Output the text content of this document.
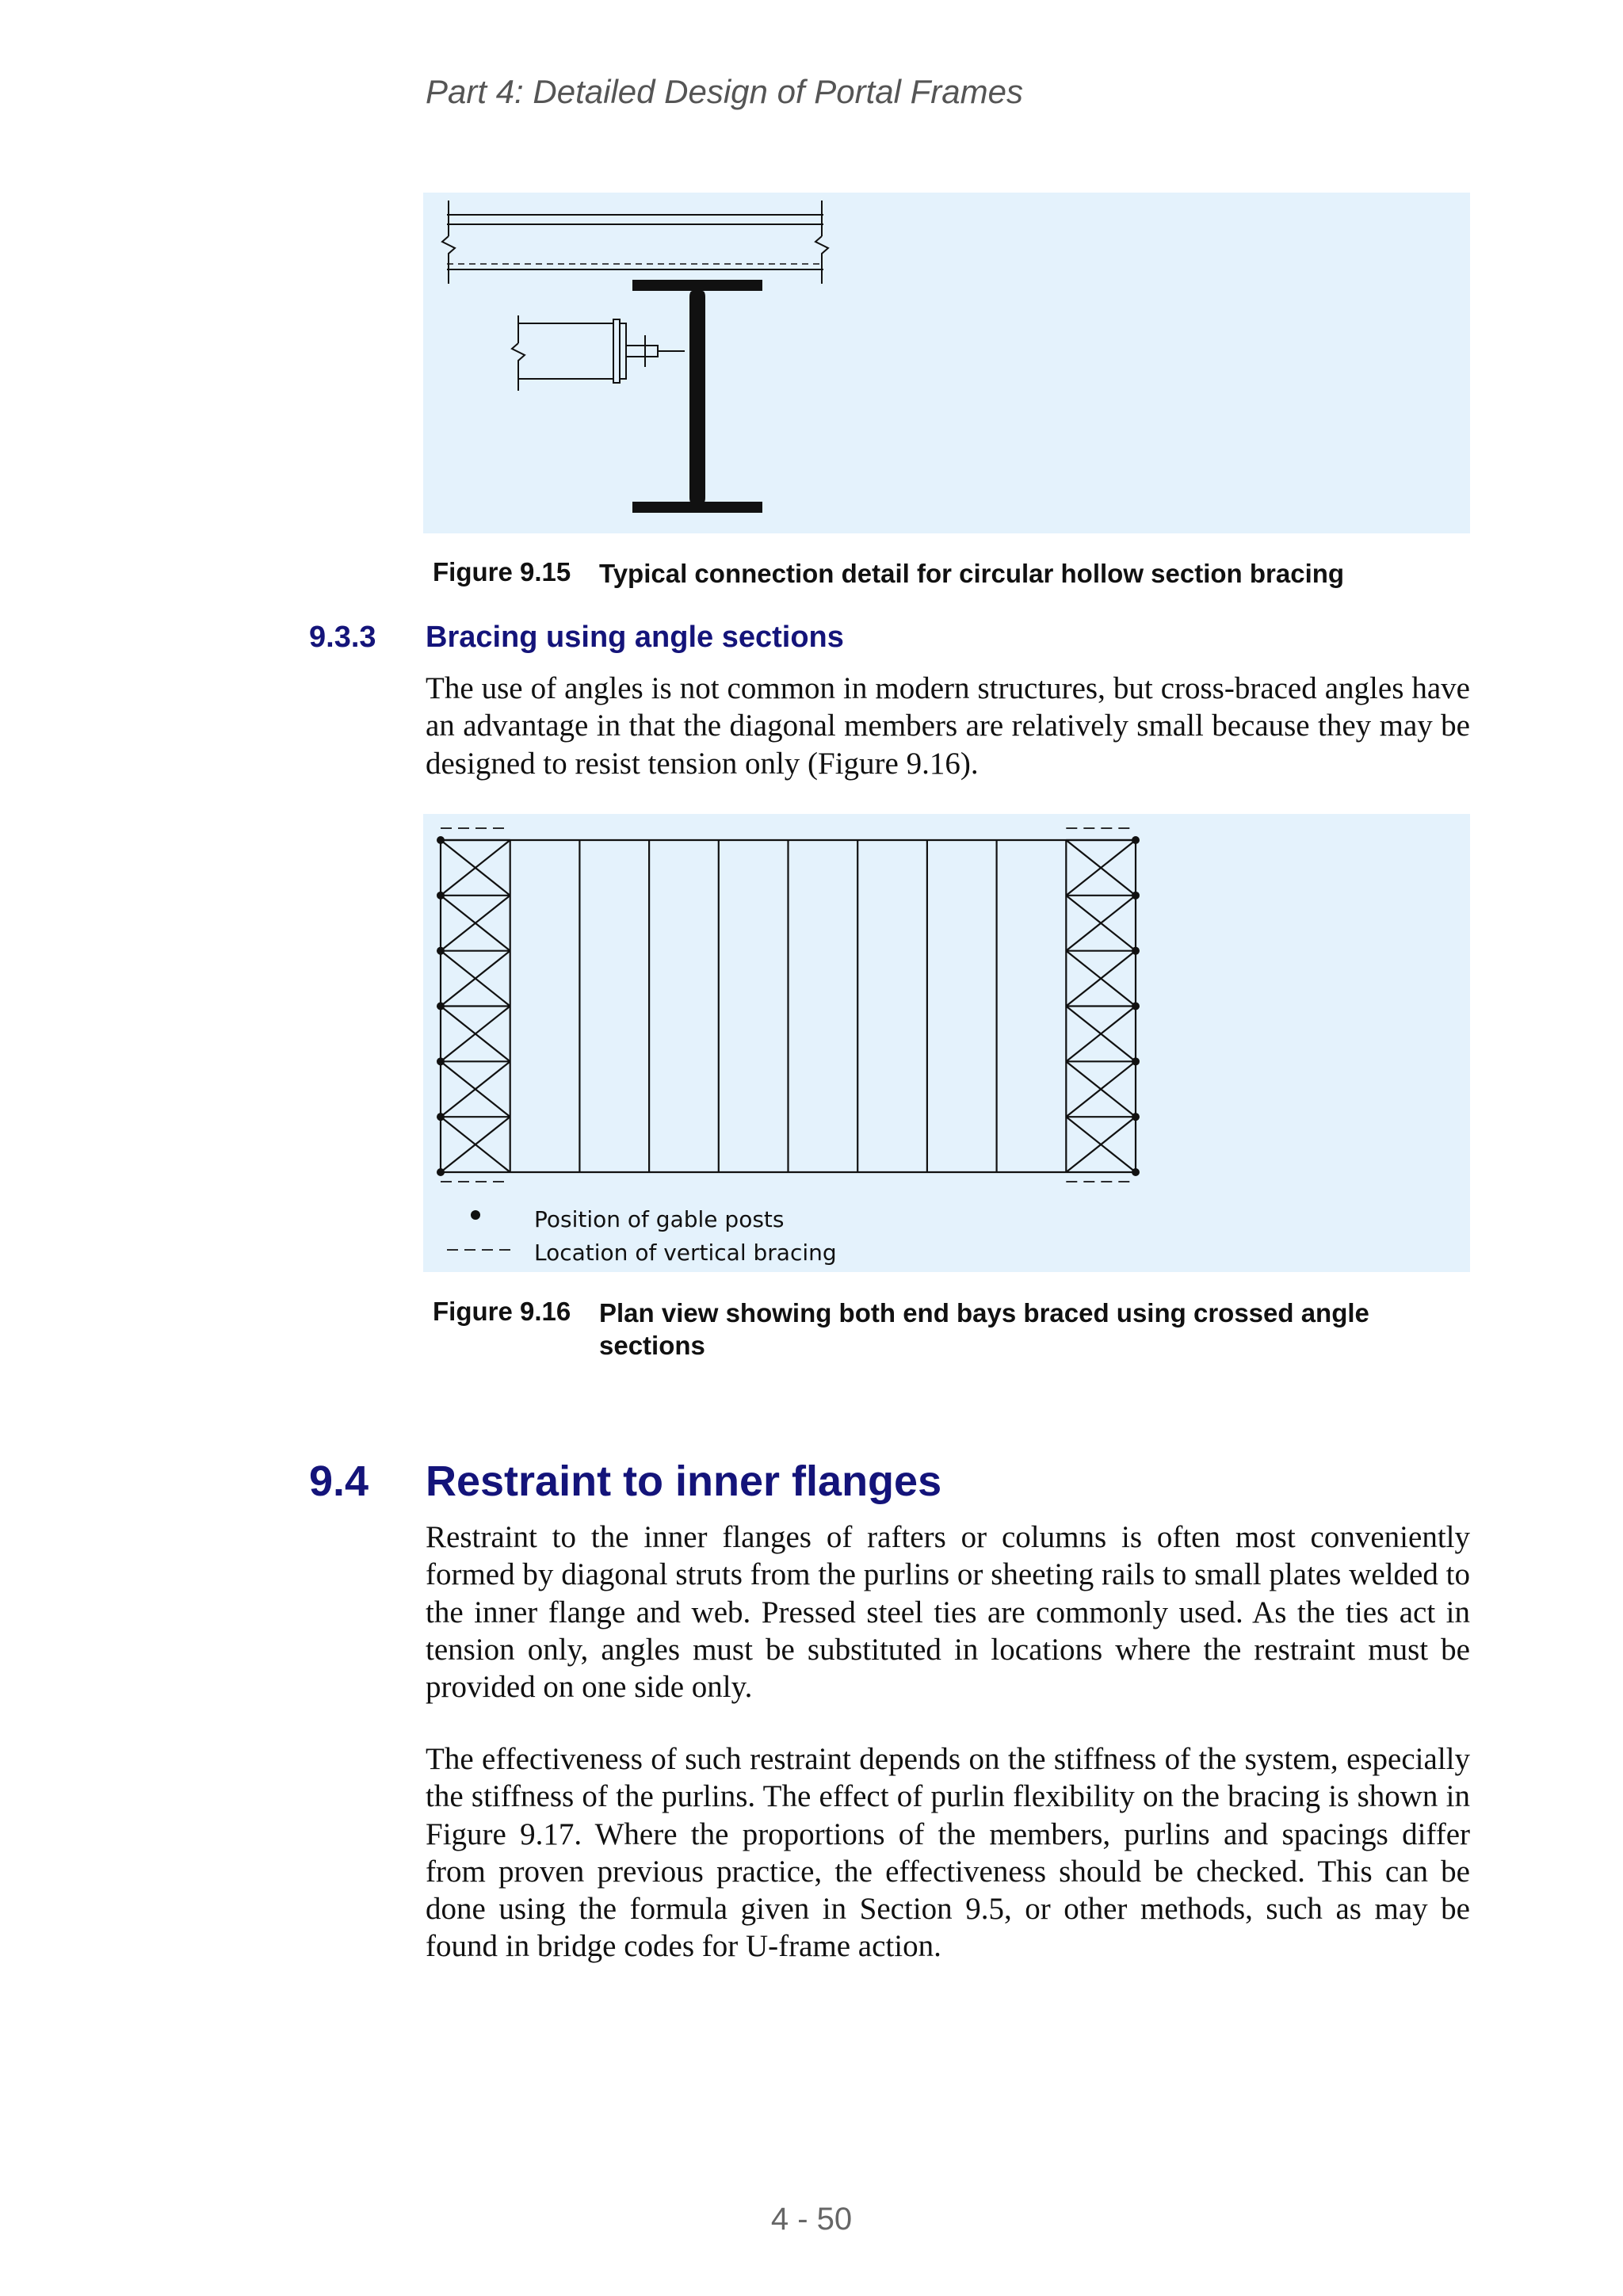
Part 4: Detailed Design of Portal Frames
Figure 9.15 Typical connection detail for circular hollow section bracing
9.3.3 Bracing using angle sections

The use of angles is not common in modern structures, but cross-braced angles have an advantage in that the diagonal members are relatively small because they may be designed to resist tension only (Figure 9.16).

Position of gable posts
Location of vertical bracing
Figure 9.16 Plan view showing both end bays braced using crossed angle sections
9.4 Restraint to inner flanges

Restraint to the inner flanges of rafters or columns is often most conveniently formed by diagonal struts from the purlins or sheeting rails to small plates welded to the inner flange and web. Pressed steel ties are commonly used. As the ties act in tension only, angles must be substituted in locations where the restraint must be provided on one side only.

The effectiveness of such restraint depends on the stiffness of the system, especially the stiffness of the purlins. The effect of purlin flexibility on the bracing is shown in Figure 9.17. Where the proportions of the members, purlins and spacings differ from proven previous practice, the effectiveness should be checked. This can be done using the formula given in Section 9.5, or other methods, such as may be found in bridge codes for U-frame action.

4 - 50
